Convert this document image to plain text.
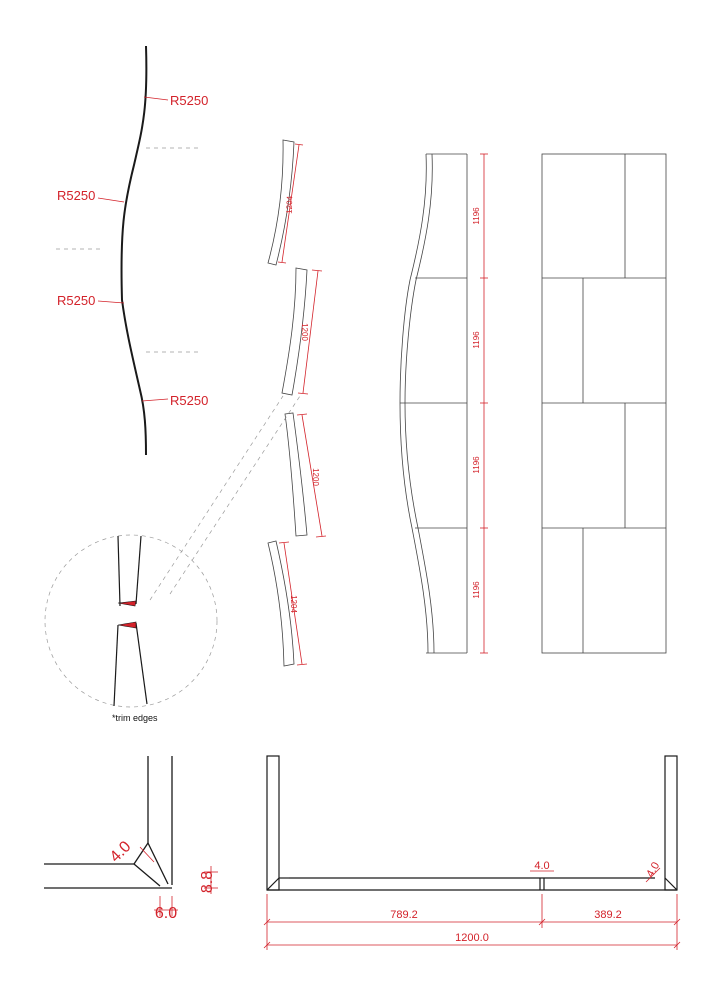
R5250
R5250
R5250
R5250
1204
1200
1200
1204
1196
1196
1196
1196
*trim edges
4.0
8.8
6.0
4.0	4.0
789.2	389.2
1200.0
